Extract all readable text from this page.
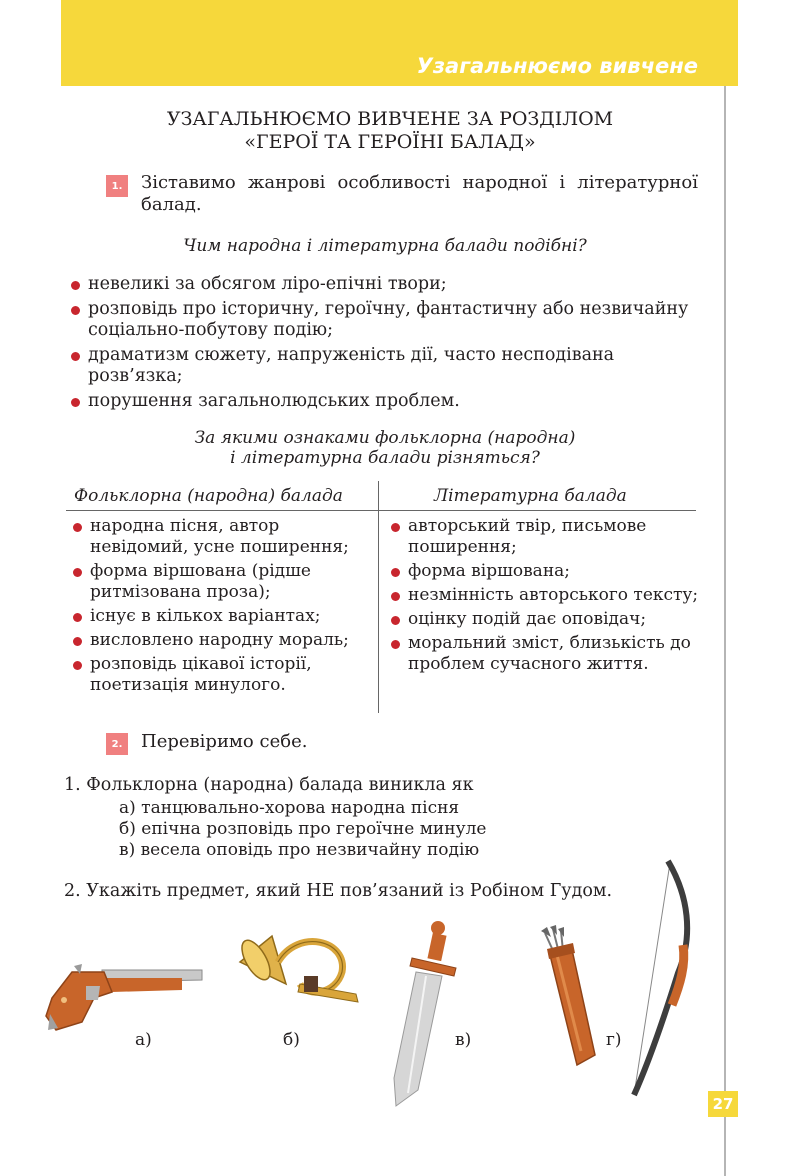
Узагальнюємо вивчене
УЗАГАЛЬНЮЄМО ВИВЧЕНЕ ЗА РОЗДІЛОМ
«ГЕРОЇ ТА ГЕРОЇНІ БАЛАД»
1.	Зіставимо жанрові особливості народної і літературної балад.
Чим народна і літературна балади подібні?
невеликі за обсягом ліро-епічні твори;
розповідь про історичну, героїчну, фантастичну або незвичайну соціально-побутову подію;
драматизм сюжету, напруженість дії, часто несподівана розв’язка;
порушення загальнолюдських проблем.
За якими ознаками фольклорна (народна)
і літературна балади різняться?
Фольклорна (народна) балада	Літературна балада
народна пісня, автор невідомий, усне поширення;
форма віршована (рідше ритмізована проза);
існує в кількох варіантах;
висловлено народну мораль;
розповідь цікавої історії, поетизація минулого.
авторський твір, письмове поширення;
форма віршована;
незмінність авторського тексту;
оцінку подій дає оповідач;
моральний зміст, близькість до проблем сучасного життя.
2.	Перевіримо себе.
1. Фольклорна (народна) балада виникла як
а) танцювально-хорова народна пісня
б) епічна розповідь про героїчне минуле
в) весела оповідь про незвичайну подію
2. Укажіть предмет, який НЕ пов’язаний із Робіном Гудом.
а)	б)	в)	г)
27
